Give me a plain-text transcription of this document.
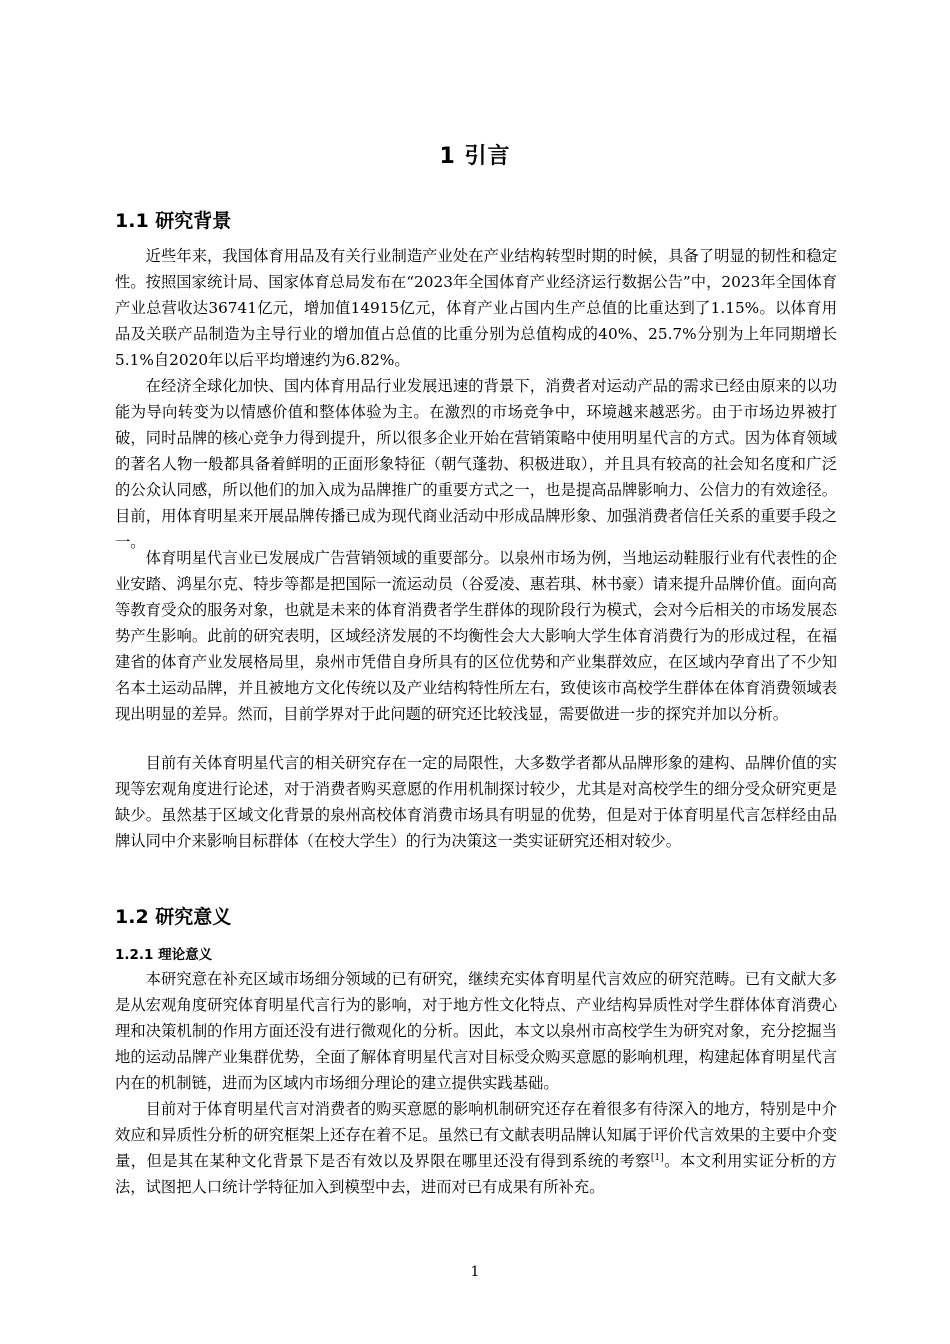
1 引言
1.1 研究背景

近些年来，我国体育用品及有关行业制造产业处在产业结构转型时期的时候，具备了明显的韧性和稳定性。按照国家统计局、国家体育总局发布在“2023年全国体育产业经济运行数据公告”中，2023年全国体育产业总营收达36741亿元，增加值14915亿元，体育产业占国内生产总值的比重达到了1.15%。以体育用品及关联产品制造为主导行业的增加值占总值的比重分别为总值构成的40%、25.7%分别为上年同期增长5.1%自2020年以后平均增速约为6.82%。

在经济全球化加快、国内体育用品行业发展迅速的背景下，消费者对运动产品的需求已经由原来的以功能为导向转变为以情感价值和整体体验为主。在激烈的市场竞争中，环境越来越恶劣。由于市场边界被打破，同时品牌的核心竞争力得到提升，所以很多企业开始在营销策略中使用明星代言的方式。因为体育领域的著名人物一般都具备着鲜明的正面形象特征（朝气蓬勃、积极进取），并且具有较高的社会知名度和广泛的公众认同感，所以他们的加入成为品牌推广的重要方式之一，也是提高品牌影响力、公信力的有效途径。目前，用体育明星来开展品牌传播已成为现代商业活动中形成品牌形象、加强消费者信任关系的重要手段之一。

体育明星代言业已发展成广告营销领域的重要部分。以泉州市场为例，当地运动鞋服行业有代表性的企业安踏、鸿星尔克、特步等都是把国际一流运动员（谷爱凌、惠若琪、林书豪）请来提升品牌价值。面向高等教育受众的服务对象，也就是未来的体育消费者学生群体的现阶段行为模式，会对今后相关的市场发展态势产生影响。此前的研究表明，区域经济发展的不均衡性会大大影响大学生体育消费行为的形成过程，在福建省的体育产业发展格局里，泉州市凭借自身所具有的区位优势和产业集群效应，在区域内孕育出了不少知名本土运动品牌，并且被地方文化传统以及产业结构特性所左右，致使该市高校学生群体在体育消费领域表现出明显的差异。然而，目前学界对于此问题的研究还比较浅显，需要做进一步的探究并加以分析。

目前有关体育明星代言的相关研究存在一定的局限性，大多数学者都从品牌形象的建构、品牌价值的实现等宏观角度进行论述，对于消费者购买意愿的作用机制探讨较少，尤其是对高校学生的细分受众研究更是缺少。虽然基于区域文化背景的泉州高校体育消费市场具有明显的优势，但是对于体育明星代言怎样经由品牌认同中介来影响目标群体（在校大学生）的行为决策这一类实证研究还相对较少。

1.2 研究意义
1.2.1 理论意义

本研究意在补充区域市场细分领域的已有研究，继续充实体育明星代言效应的研究范畴。已有文献大多是从宏观角度研究体育明星代言行为的影响，对于地方性文化特点、产业结构异质性对学生群体体育消费心理和决策机制的作用方面还没有进行微观化的分析。因此，本文以泉州市高校学生为研究对象，充分挖掘当地的运动品牌产业集群优势，全面了解体育明星代言对目标受众购买意愿的影响机理，构建起体育明星代言内在的机制链，进而为区域内市场细分理论的建立提供实践基础。

目前对于体育明星代言对消费者的购买意愿的影响机制研究还存在着很多有待深入的地方，特别是中介效应和异质性分析的研究框架上还存在着不足。虽然已有文献表明品牌认知属于评价代言效果的主要中介变量，但是其在某种文化背景下是否有效以及界限在哪里还没有得到系统的考察[1]。本文利用实证分析的方法，试图把人口统计学特征加入到模型中去，进而对已有成果有所补充。

1
